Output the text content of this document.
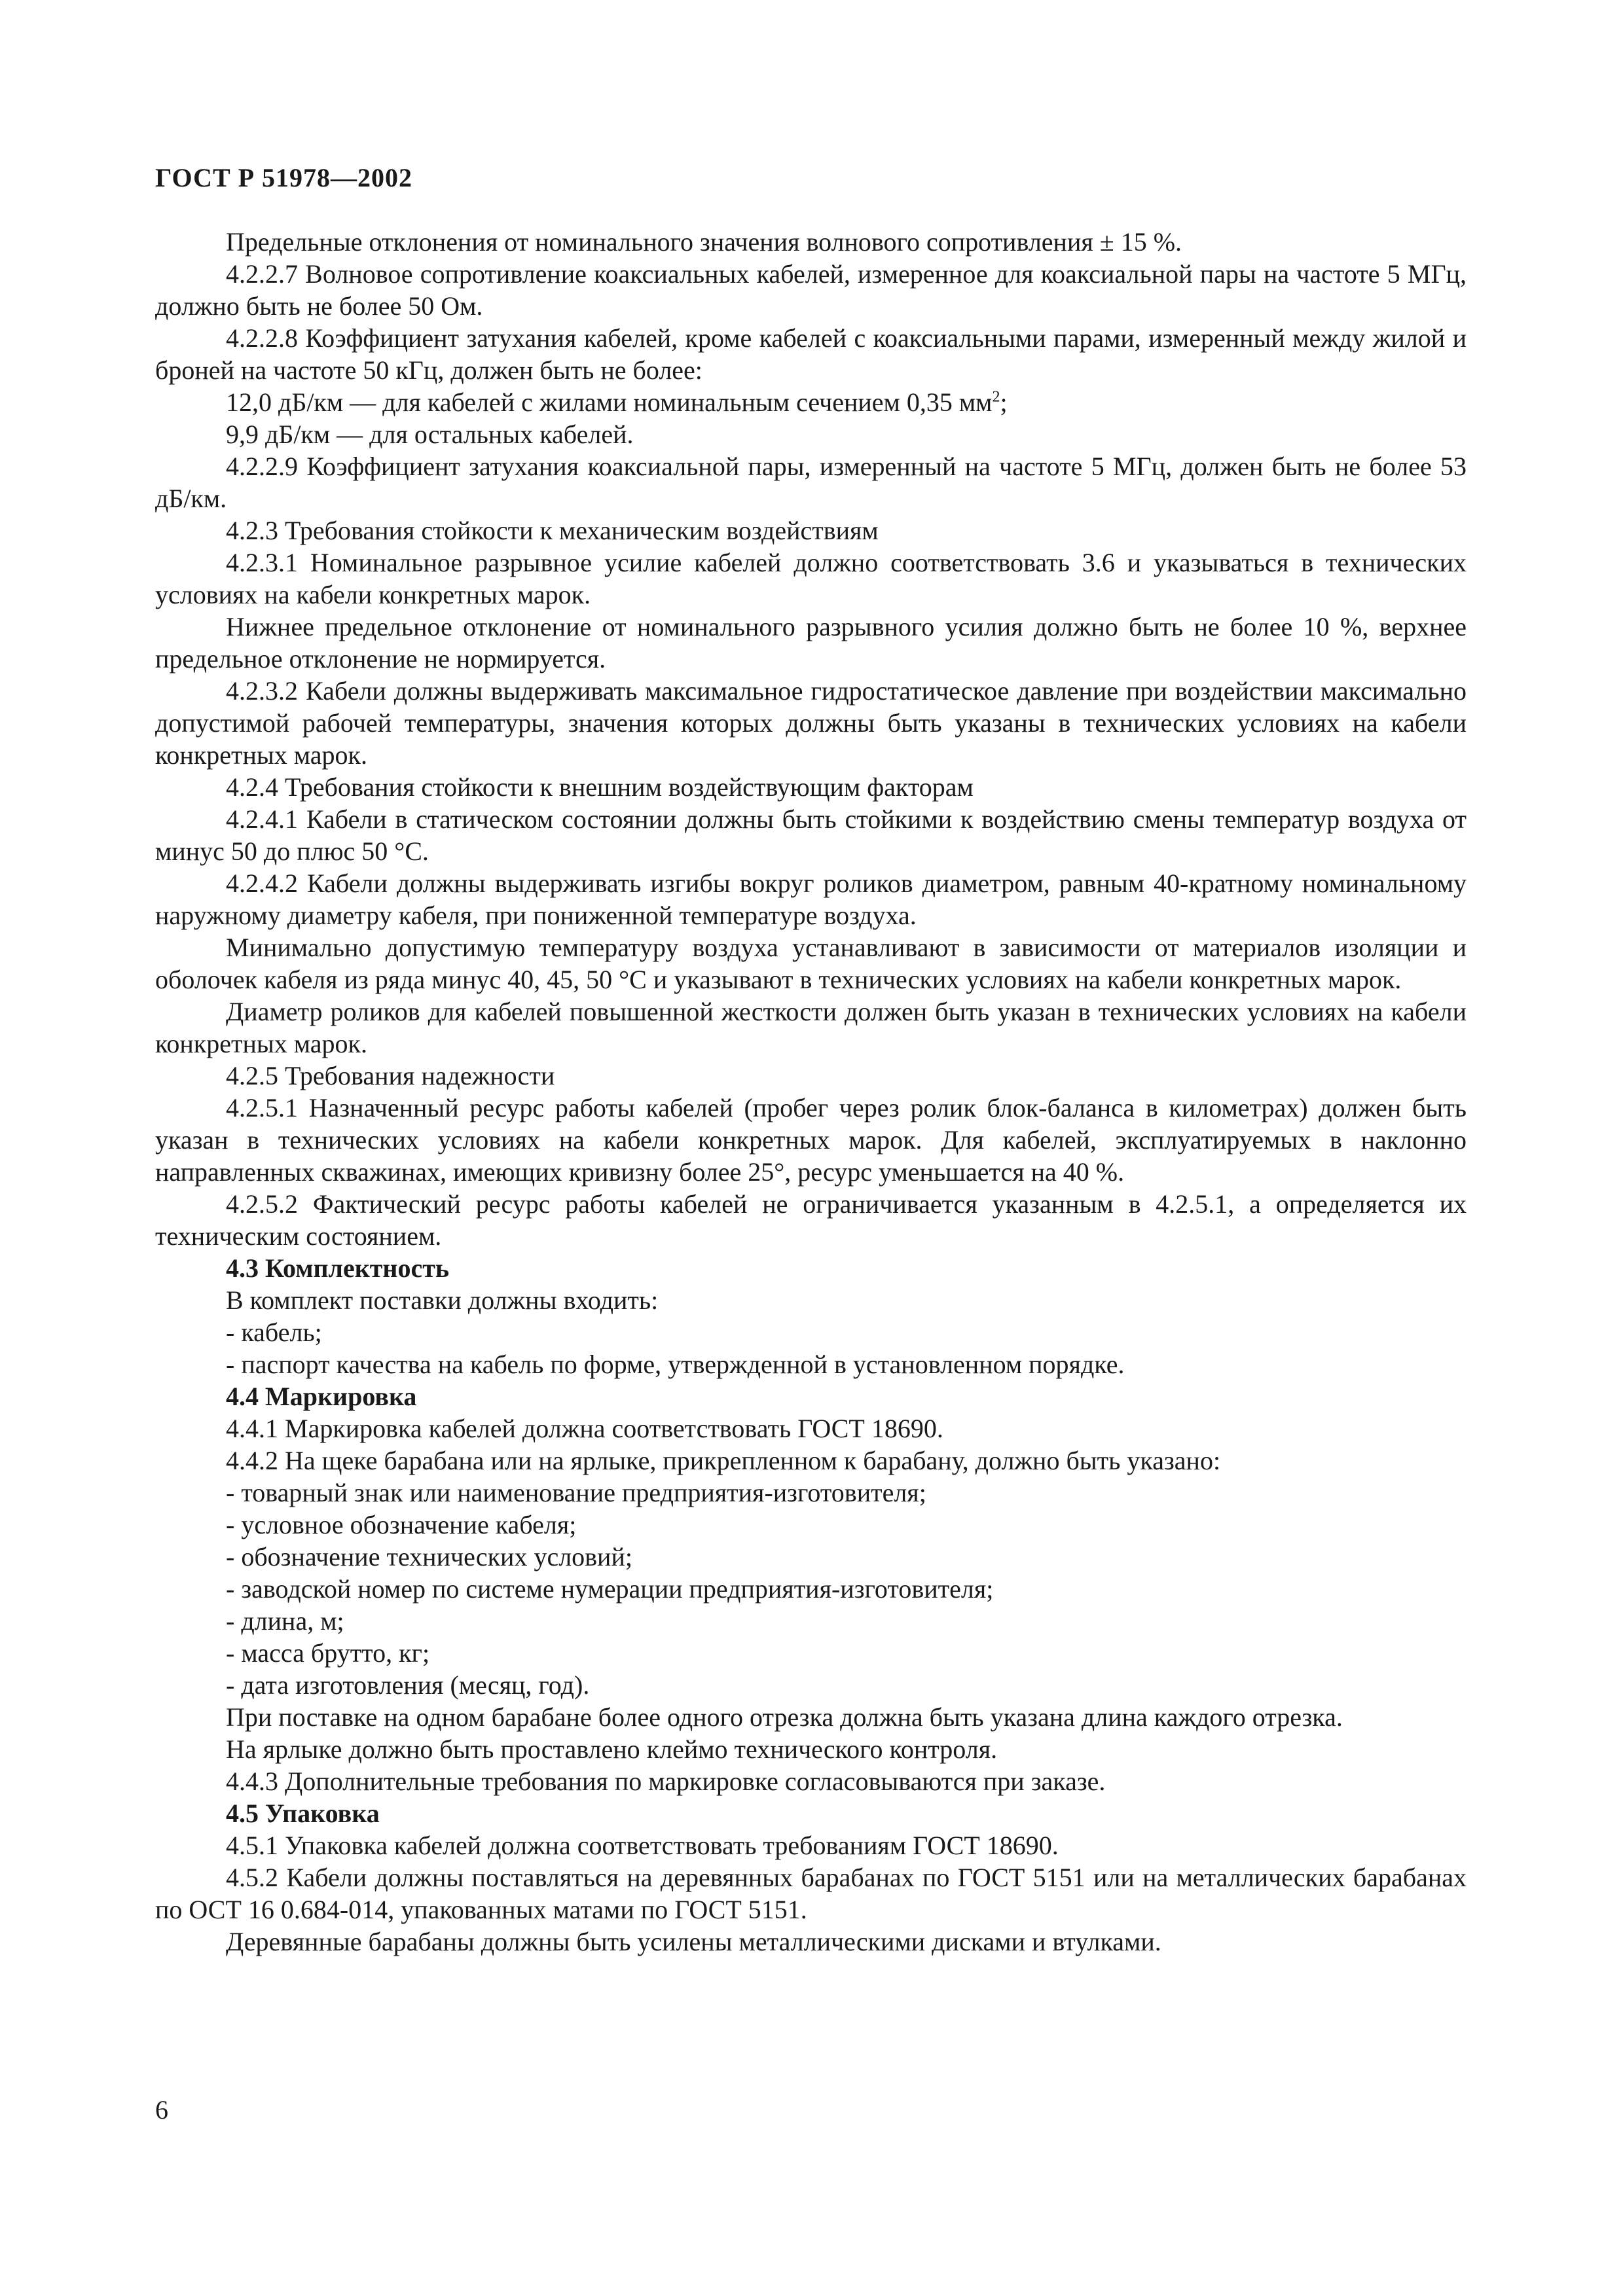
ГОСТ Р 51978—2002

Предельные отклонения от номинального значения волнового сопротивления ± 15 %.

4.2.2.7 Волновое сопротивление коаксиальных кабелей, измеренное для коаксиальной пары на частоте 5 МГц, должно быть не более 50 Ом.

4.2.2.8 Коэффициент затухания кабелей, кроме кабелей с коаксиальными парами, измеренный между жилой и броней на частоте 50 кГц, должен быть не более:

12,0 дБ/км — для кабелей с жилами номинальным сечением 0,35 $мм^2$;

9,9 дБ/км — для остальных кабелей.

4.2.2.9 Коэффициент затухания коаксиальной пары, измеренный на частоте 5 МГц, должен быть не более 53 дБ/км.

4.2.3 Требования стойкости к механическим воздействиям

4.2.3.1 Номинальное разрывное усилие кабелей должно соответствовать 3.6 и указываться в технических условиях на кабели конкретных марок.

Нижнее предельное отклонение от номинального разрывного усилия должно быть не более 10 %, верхнее предельное отклонение не нормируется.

4.2.3.2 Кабели должны выдерживать максимальное гидростатическое давление при воздействии максимально допустимой рабочей температуры, значения которых должны быть указаны в технических условиях на кабели конкретных марок.

4.2.4 Требования стойкости к внешним воздействующим факторам

4.2.4.1 Кабели в статическом состоянии должны быть стойкими к воздействию смены температур воздуха от минус 50 до плюс 50 °С.

4.2.4.2 Кабели должны выдерживать изгибы вокруг роликов диаметром, равным 40-кратному номинальному наружному диаметру кабеля, при пониженной температуре воздуха.

Минимально допустимую температуру воздуха устанавливают в зависимости от материалов изоляции и оболочек кабеля из ряда минус 40, 45, 50 °С и указывают в технических условиях на кабели конкретных марок.

Диаметр роликов для кабелей повышенной жесткости должен быть указан в технических условиях на кабели конкретных марок.

4.2.5 Требования надежности

4.2.5.1 Назначенный ресурс работы кабелей (пробег через ролик блок-баланса в километрах) должен быть указан в технических условиях на кабели конкретных марок. Для кабелей, эксплуатируемых в наклонно направленных скважинах, имеющих кривизну более 25°, ресурс уменьшается на 40 %.

4.2.5.2 Фактический ресурс работы кабелей не ограничивается указанным в 4.2.5.1, а определяется их техническим состоянием.

4.3 Комплектность

В комплект поставки должны входить:

- кабель;

- паспорт качества на кабель по форме, утвержденной в установленном порядке.

4.4 Маркировка

4.4.1 Маркировка кабелей должна соответствовать ГОСТ 18690.

4.4.2 На щеке барабана или на ярлыке, прикрепленном к барабану, должно быть указано:

- товарный знак или наименование предприятия-изготовителя;

- условное обозначение кабеля;

- обозначение технических условий;

- заводской номер по системе нумерации предприятия-изготовителя;

- длина, м;

- масса брутто, кг;

- дата изготовления (месяц, год).

При поставке на одном барабане более одного отрезка должна быть указана длина каждого отрезка.

На ярлыке должно быть проставлено клеймо технического контроля.

4.4.3 Дополнительные требования по маркировке согласовываются при заказе.

4.5 Упаковка

4.5.1 Упаковка кабелей должна соответствовать требованиям ГОСТ 18690.

4.5.2 Кабели должны поставляться на деревянных барабанах по ГОСТ 5151 или на металлических барабанах по ОСТ 16 0.684-014, упакованных матами по ГОСТ 5151.

Деревянные барабаны должны быть усилены металлическими дисками и втулками.

6
